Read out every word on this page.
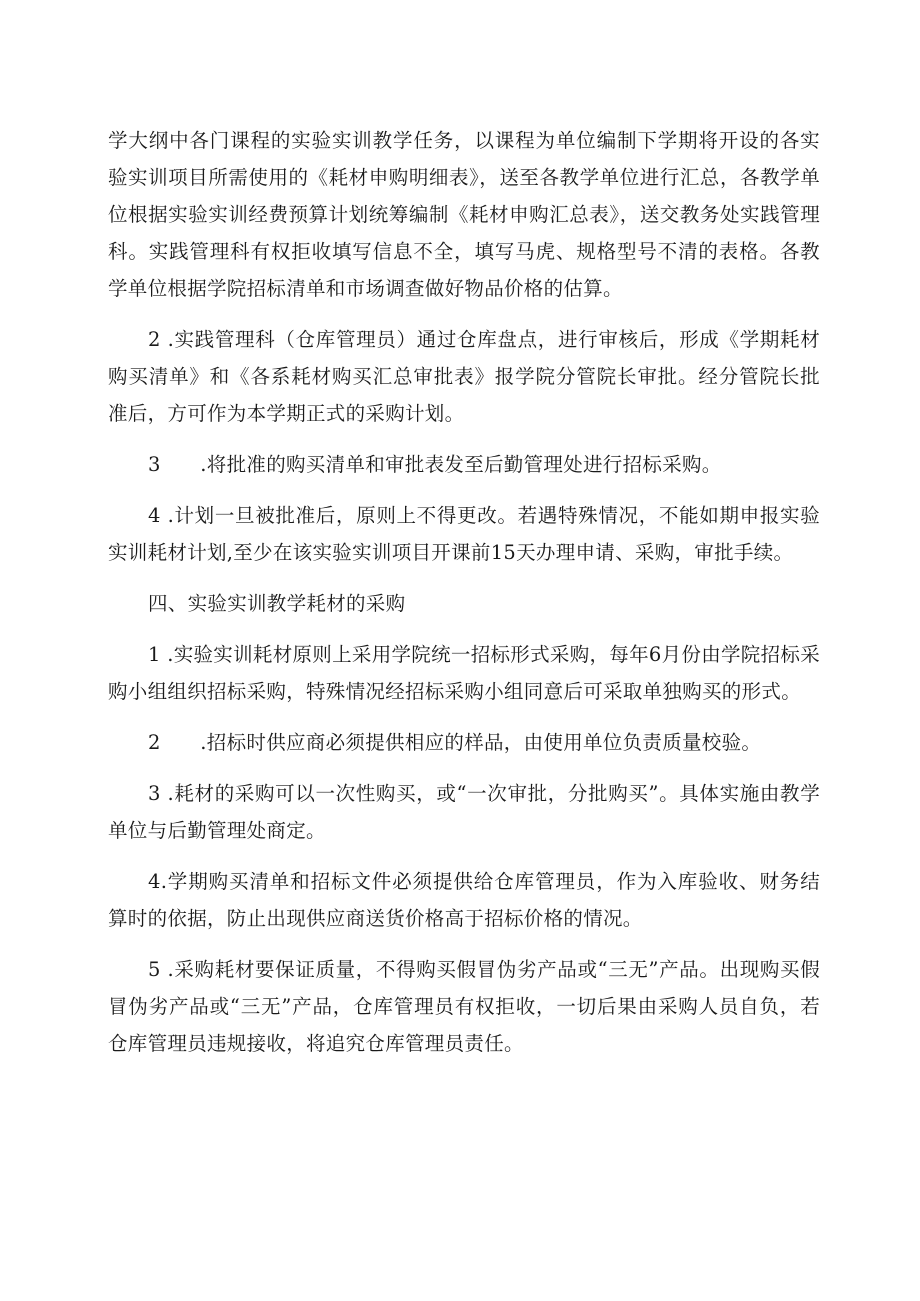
学大纲中各门课程的实验实训教学任务，以课程为单位编制下学期将开设的各实验实训项目所需使用的《耗材申购明细表》，送至各教学单位进行汇总，各教学单位根据实验实训经费预算计划统筹编制《耗材申购汇总表》，送交教务处实践管理科。实践管理科有权拒收填写信息不全，填写马虎、规格型号不清的表格。各教学单位根据学院招标清单和市场调查做好物品价格的估算。

2 .实践管理科（仓库管理员）通过仓库盘点，进行审核后，形成《学期耗材购买清单》和《各系耗材购买汇总审批表》报学院分管院长审批。经分管院长批准后，方可作为本学期正式的采购计划。

3　　.将批准的购买清单和审批表发至后勤管理处进行招标采购。

4 .计划一旦被批准后，原则上不得更改。若遇特殊情况，不能如期申报实验实训耗材计划,至少在该实验实训项目开课前15天办理申请、采购，审批手续。

四、实验实训教学耗材的采购

1 .实验实训耗材原则上采用学院统一招标形式采购，每年6月份由学院招标采购小组组织招标采购，特殊情况经招标采购小组同意后可采取单独购买的形式。

2　　.招标时供应商必须提供相应的样品，由使用单位负责质量校验。

3 .耗材的采购可以一次性购买，或“一次审批，分批购买”。具体实施由教学单位与后勤管理处商定。

4.学期购买清单和招标文件必须提供给仓库管理员，作为入库验收、财务结算时的依据，防止出现供应商送货价格高于招标价格的情况。

5 .采购耗材要保证质量，不得购买假冒伪劣产品或“三无”产品。出现购买假冒伪劣产品或“三无”产品，仓库管理员有权拒收，一切后果由采购人员自负，若仓库管理员违规接收，将追究仓库管理员责任。
